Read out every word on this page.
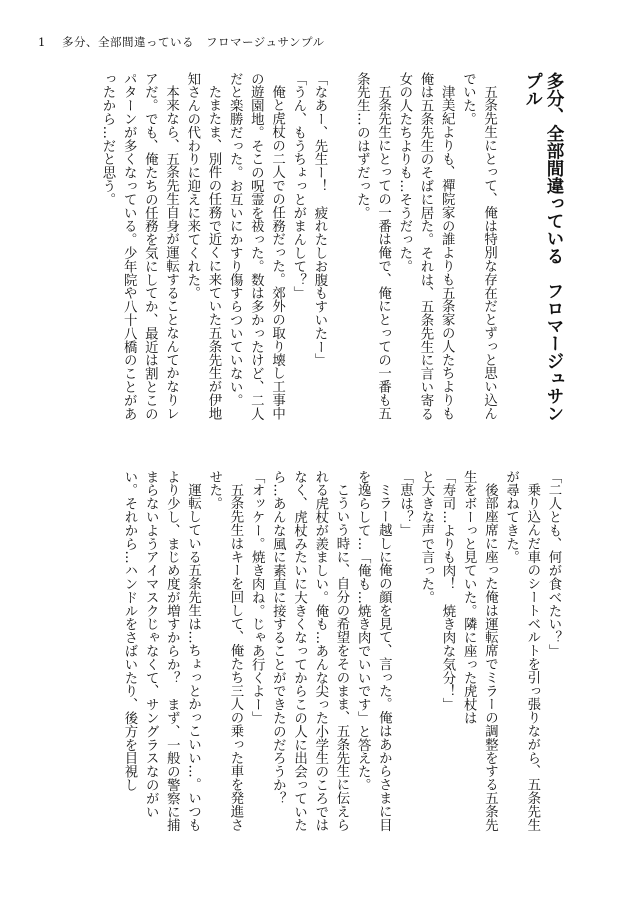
1 多分、全部間違っている　フロマージュサンプル

多分、全部間違っている　フロマージュサンプル

五条先生にとって、俺は特別な存在だとずっと思い込んでいた。

津美紀よりも、禪院家の誰よりも五条家の人たちよりも俺は五条先生のそばに居た。それは、五条先生に言い寄る女の人たちよりも…そうだった。

五条先生にとっての一番は俺で、俺にとっての一番も五条先生…のはずだった。

「なあー、先生ー！　疲れたしお腹もすいたー」

「うん、もうちょっとがまんして？」

俺と虎杖の二人での任務だった。郊外の取り壊し工事中の遊園地。そこの呪霊を祓った。数は多かったけど、二人だと楽勝だった。お互いにかすり傷すらついていない。

たまたま、別件の任務で近くに来ていた五条先生が伊地知さんの代わりに迎えに来てくれた。

本来なら、五条先生自身が運転することなんてかなりレアだ。でも、俺たちの任務を気にしてか、最近は割とこのパターンが多くなっている。少年院や八十八橋のことがあったから…だと思う。

「二人とも、何が食べたい？」

乗り込んだ車のシートベルトを引っ張りながら、五条先生が尋ねてきた。

後部座席に座った俺は運転席でミラーの調整をする五条先生をボーっと見ていた。隣に座った虎杖は

「寿司…よりも肉！　焼き肉な気分！」

と大きな声で言った。

「恵は？」

ミラー越しに俺の顔を見て、言った。俺はあからさまに目を逸らして…「俺も…焼き肉でいいです」と答えた。

こういう時に、自分の希望をそのまま、五条先生に伝えられる虎杖が羨ましい。俺も…あんな尖った小学生のころではなく、虎杖みたいに大きくなってからこの人に出会っていたら…あんな風に素直に接することができたのだろうか？

「オッケー。焼き肉ね。じゃあ行くよー」

五条先生はキーを回して、俺たち三人の乗った車を発進させた。

運転している五条先生は…ちょっとかっこいい…。いつもより少し、まじめ度が増すからか？　まず、一般の警察に捕まらないようアイマスクじゃなくて、サングラスなのがいい。それから…ハンドルをさばいたり、後方を目視し
